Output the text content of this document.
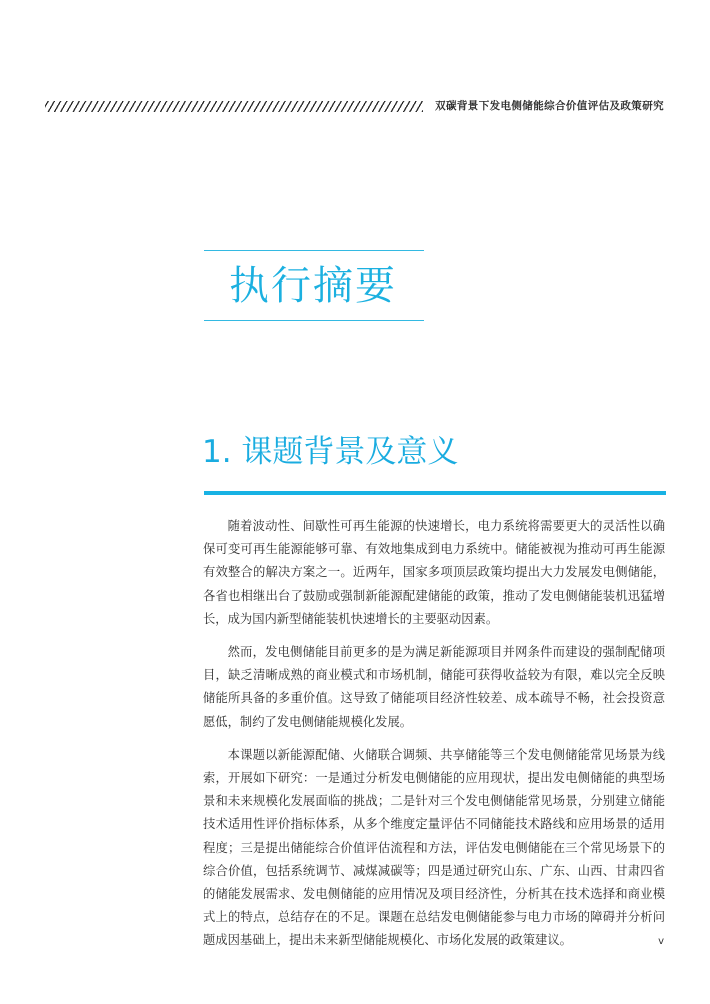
双碳背景下发电侧储能综合价值评估及政策研究
执行摘要
1. 课题背景及意义

随着波动性、间歇性可再生能源的快速增长，电力系统将需要更大的灵活性以确保可变可再生能源能够可靠、有效地集成到电力系统中。储能被视为推动可再生能源有效整合的解决方案之一。近两年，国家多项顶层政策均提出大力发展发电侧储能，各省也相继出台了鼓励或强制新能源配建储能的政策，推动了发电侧储能装机迅猛增长，成为国内新型储能装机快速增长的主要驱动因素。

然而，发电侧储能目前更多的是为满足新能源项目并网条件而建设的强制配储项目，缺乏清晰成熟的商业模式和市场机制，储能可获得收益较为有限，难以完全反映储能所具备的多重价值。这导致了储能项目经济性较差、成本疏导不畅，社会投资意愿低，制约了发电侧储能规模化发展。

本课题以新能源配储、火储联合调频、共享储能等三个发电侧储能常见场景为线索，开展如下研究：一是通过分析发电侧储能的应用现状，提出发电侧储能的典型场景和未来规模化发展面临的挑战；二是针对三个发电侧储能常见场景，分别建立储能技术适用性评价指标体系，从多个维度定量评估不同储能技术路线和应用场景的适用程度；三是提出储能综合价值评估流程和方法，评估发电侧储能在三个常见场景下的综合价值，包括系统调节、减煤减碳等；四是通过研究山东、广东、山西、甘肃四省的储能发展需求、发电侧储能的应用情况及项目经济性，分析其在技术选择和商业模式上的特点，总结存在的不足。课题在总结发电侧储能参与电力市场的障碍并分析问题成因基础上，提出未来新型储能规模化、市场化发展的政策建议。	v
